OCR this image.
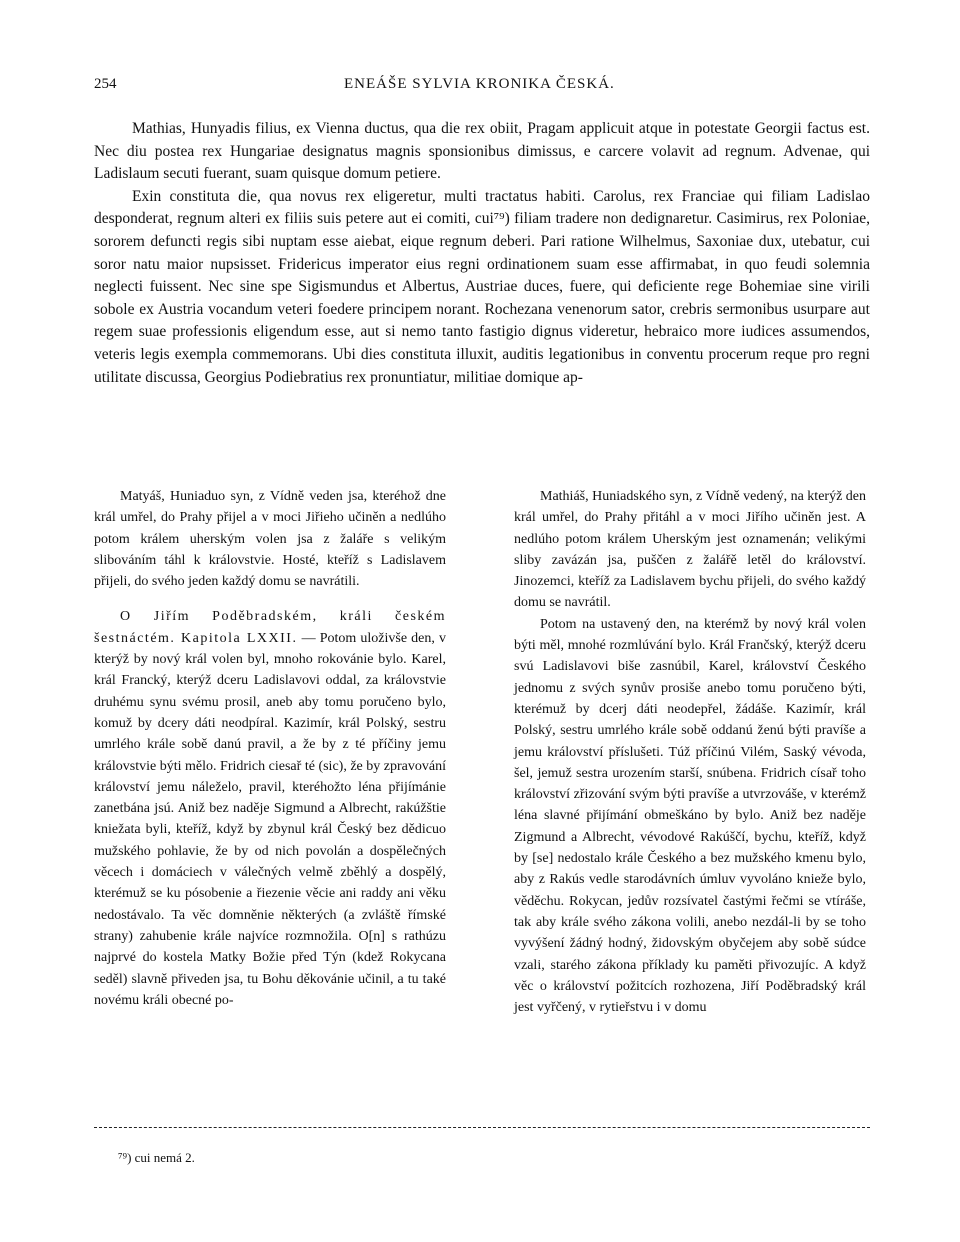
254	ENEÁŠE SYLVIA KRONIKA ČESKÁ.

Mathias, Hunyadis filius, ex Vienna ductus, qua die rex obiit, Pragam applicuit atque in potestate Georgii factus est. Nec diu postea rex Hungariae designatus magnis sponsionibus dimissus, e carcere volavit ad regnum. Advenae, qui Ladislaum secuti fuerant, suam quisque domum petiere.

Exin constituta die, qua novus rex eligeretur, multi tractatus habiti. Carolus, rex Franciae qui filiam Ladislao desponderat, regnum alteri ex filiis suis petere aut ei comiti, cui⁷⁹) filiam tradere non dedignaretur. Casimirus, rex Poloniae, sororem defuncti regis sibi nuptam esse aiebat, eique regnum deberi. Pari ratione Wilhelmus, Saxoniae dux, utebatur, cui soror natu maior nupsisset. Fridericus imperator eius regni ordinationem suam esse affirmabat, in quo feudi solemnia neglecti fuissent. Nec sine spe Sigismundus et Albertus, Austriae duces, fuere, qui deficiente rege Bohemiae sine virili sobole ex Austria vocandum veteri foedere principem norant. Rochezana venenorum sator, crebris sermonibus usurpare aut regem suae professionis eligendum esse, aut si nemo tanto fastigio dignus videretur, hebraico more iudices assumendos, veteris legis exempla commemorans. Ubi dies constituta illuxit, auditis legationibus in conventu procerum reque pro regni utilitate discussa, Georgius Podiebratius rex pronuntiatur, militiae domique ap-

Matyáš, Huniaduo syn, z Vídně veden jsa, kteréhož dne král umřel, do Prahy přijel a v moci Jiřieho učiněn a nedlúho potom králem uherským volen jsa z žaláře s velikým slibováním táhl k královstvie. Hosté, kteříž s Ladislavem přijeli, do svého jeden každý domu se navrátili.

O Jiřím Poděbradském, králi českém šestnáctém. Kapitola LXXII. — Potom uloživše den, v kterýž by nový král volen byl, mnoho rokovánie bylo. Karel, král Francký, kterýž dceru Ladislavovi oddal, za královstvie druhému synu svému prosil, aneb aby tomu poručeno bylo, komuž by dcery dáti neodpíral. Kazimír, král Polský, sestru umrlého krále sobě danú pravil, a že by z té příčiny jemu královstvie býti mělo. Fridrich ciesař té (sic), že by zpravování království jemu náleželo, pravil, kteréhožto léna přijímánie zanetbána jsú. Aniž bez naděje Sigmund a Albrecht, rakúžštie kniežata byli, kteříž, když by zbynul král Český bez dědicuo mužského pohlavie, že by od nich povolán a dospělečných věcech i domáciech v válečných velmě zběhlý a dospělý, kterémuž se ku pósobenie a řiezenie věcie ani raddy ani věku nedostávalo. Ta věc domněnie některých (a zvláště římské strany) zahubenie krále najvíce rozmnožila. O[n] s rathúzu najprvé do kostela Matky Božie před Týn (kdež Rokycana seděl) slavně přiveden jsa, tu Bohu děkovánie učinil, a tu také novému králi obecné po-

Mathiáš, Huniadského syn, z Vídně vedený, na kterýž den král umřel, do Prahy přitáhl a v moci Jiřího učiněn jest. A nedlúho potom králem Uherským jest oznamenán; velikými sliby zavázán jsa, puščen z žalářě letěl do království. Jinozemci, kteříž za Ladislavem bychu přijeli, do svého každý domu se navrátil.

Potom na ustavený den, na kterémž by nový král volen býti měl, mnohé rozmlúvání bylo. Král Frančský, kterýž dceru svú Ladislavovi biše zasnúbil, Karel, království Českého jednomu z svých synův prosiše anebo tomu poručeno býti, kterémuž by dcerj dáti neodepřel, žádáše. Kazimír, král Polský, sestru umrlého krále sobě oddanú ženú býti pravíše a jemu království příslušeti. Túž příčinú Vilém, Saský vévoda, šel, jemuž sestra urozením starší, snúbena. Fridrich císař toho království zřizování svým býti pravíše a utvrzováše, v kterémž léna slavné přijímání obmeškáno by bylo. Aniž bez naděje Zigmund a Albrecht, vévodové Rakúščí, bychu, kteříž, když by [se] nedostalo krále Českého a bez mužského kmenu bylo, aby z Rakús vedle starodávních úmluv vyvoláno knieže bylo, věděchu. Rokycan, jedův rozsívatel častými řečmi se vtíráše, tak aby krále svého zákona volili, anebo nezdál-li by se toho vyvýšení žádný hodný, židovským obyčejem aby sobě súdce vzali, starého zákona příklady ku paměti přivozujíc. A když věc o království požitcích rozhozena, Jiří Poděbradský král jest vyřčený, v rytieřstvu i v domu

⁷⁹) cui nemá 2.
